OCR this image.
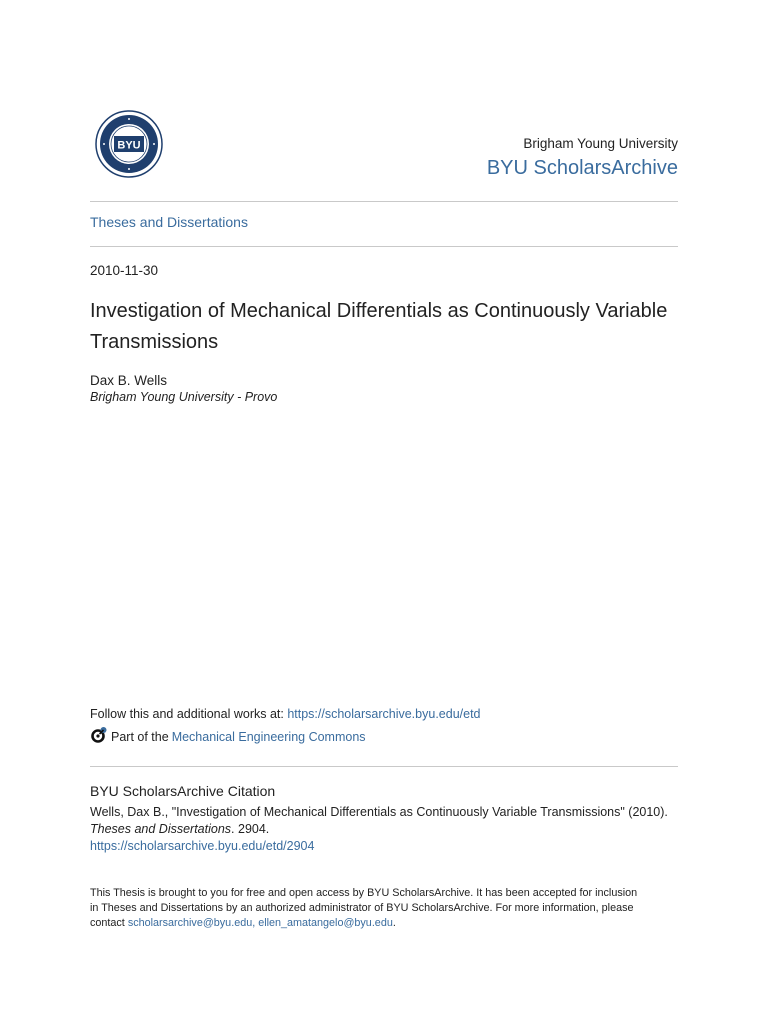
BYU	Brigham Young University
BYU ScholarsArchive
Theses and Dissertations
2010-11-30
Investigation of Mechanical Differentials as Continuously Variable Transmissions
Dax B. Wells
Brigham Young University - Provo
Follow this and additional works at: https://scholarsarchive.byu.edu/etd
Part of the Mechanical Engineering Commons
BYU ScholarsArchive Citation
Wells, Dax B., "Investigation of Mechanical Differentials as Continuously Variable Transmissions" (2010).
Theses and Dissertations. 2904.
https://scholarsarchive.byu.edu/etd/2904
This Thesis is brought to you for free and open access by BYU ScholarsArchive. It has been accepted for inclusion
in Theses and Dissertations by an authorized administrator of BYU ScholarsArchive. For more information, please
contact scholarsarchive@byu.edu, ellen_amatangelo@byu.edu.
